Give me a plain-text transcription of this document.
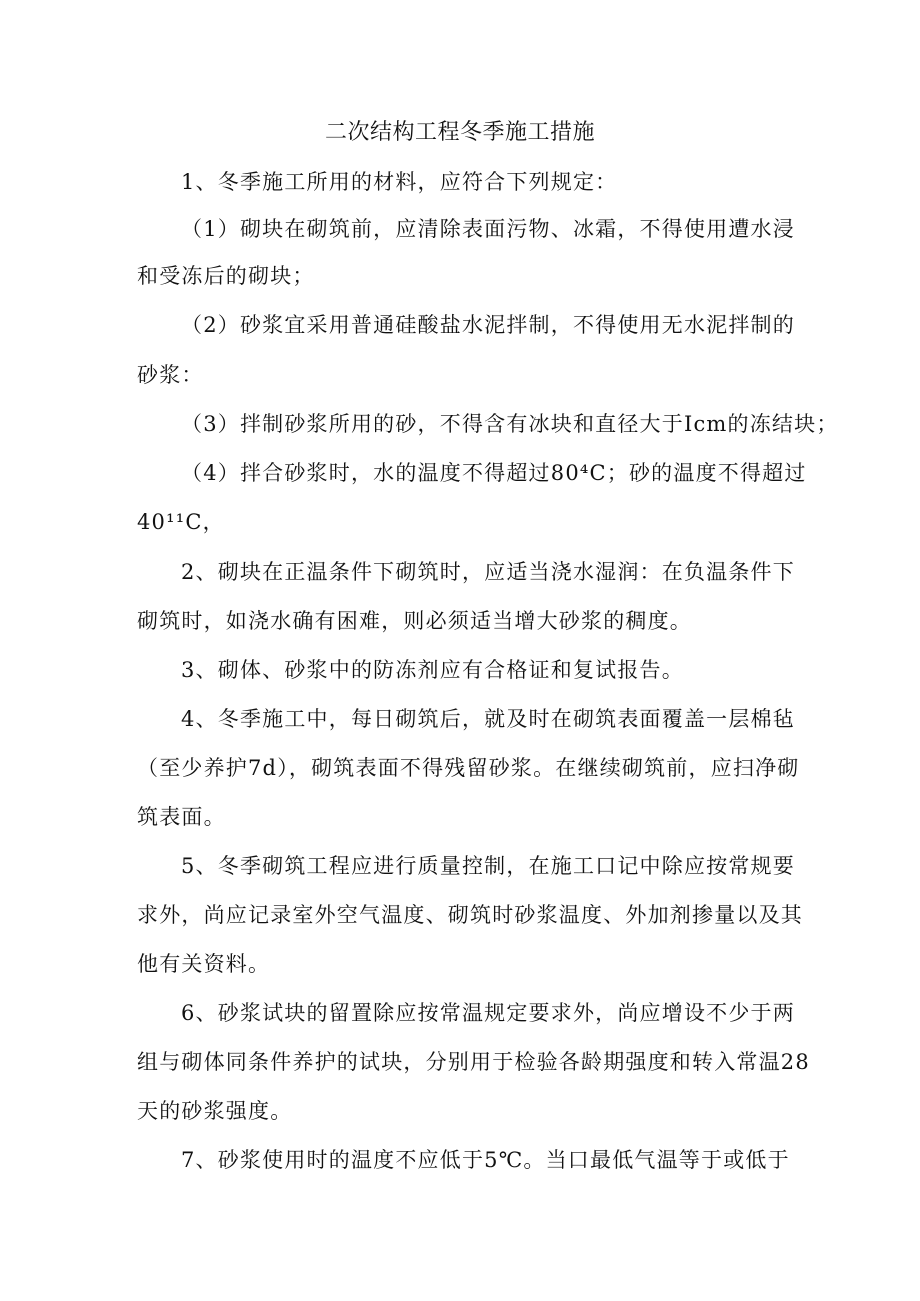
二次结构工程冬季施工措施
1、冬季施工所用的材料，应符合下列规定：
（1）砌块在砌筑前，应清除表面污物、冰霜，不得使用遭水浸
和受冻后的砌块；
（2）砂浆宜采用普通硅酸盐水泥拌制，不得使用无水泥拌制的
砂浆：
（3）拌制砂浆所用的砂，不得含有冰块和直径大于Icm的冻结块；
（4）拌合砂浆时，水的温度不得超过80⁴C；砂的温度不得超过
40¹¹C，
2、砌块在正温条件下砌筑时，应适当浇水湿润：在负温条件下
砌筑时，如浇水确有困难，则必须适当增大砂浆的稠度。
3、砌体、砂浆中的防冻剂应有合格证和复试报告。
4、冬季施工中，每日砌筑后，就及时在砌筑表面覆盖一层棉毡
（至少养护7d），砌筑表面不得残留砂浆。在继续砌筑前，应扫净砌
筑表面。
5、冬季砌筑工程应进行质量控制，在施工口记中除应按常规要
求外，尚应记录室外空气温度、砌筑时砂浆温度、外加剂掺量以及其
他有关资料。
6、砂浆试块的留置除应按常温规定要求外，尚应增设不少于两
组与砌体同条件养护的试块，分别用于检验各龄期强度和转入常温28
天的砂浆强度。
7、砂浆使用时的温度不应低于5℃。当口最低气温等于或低于
